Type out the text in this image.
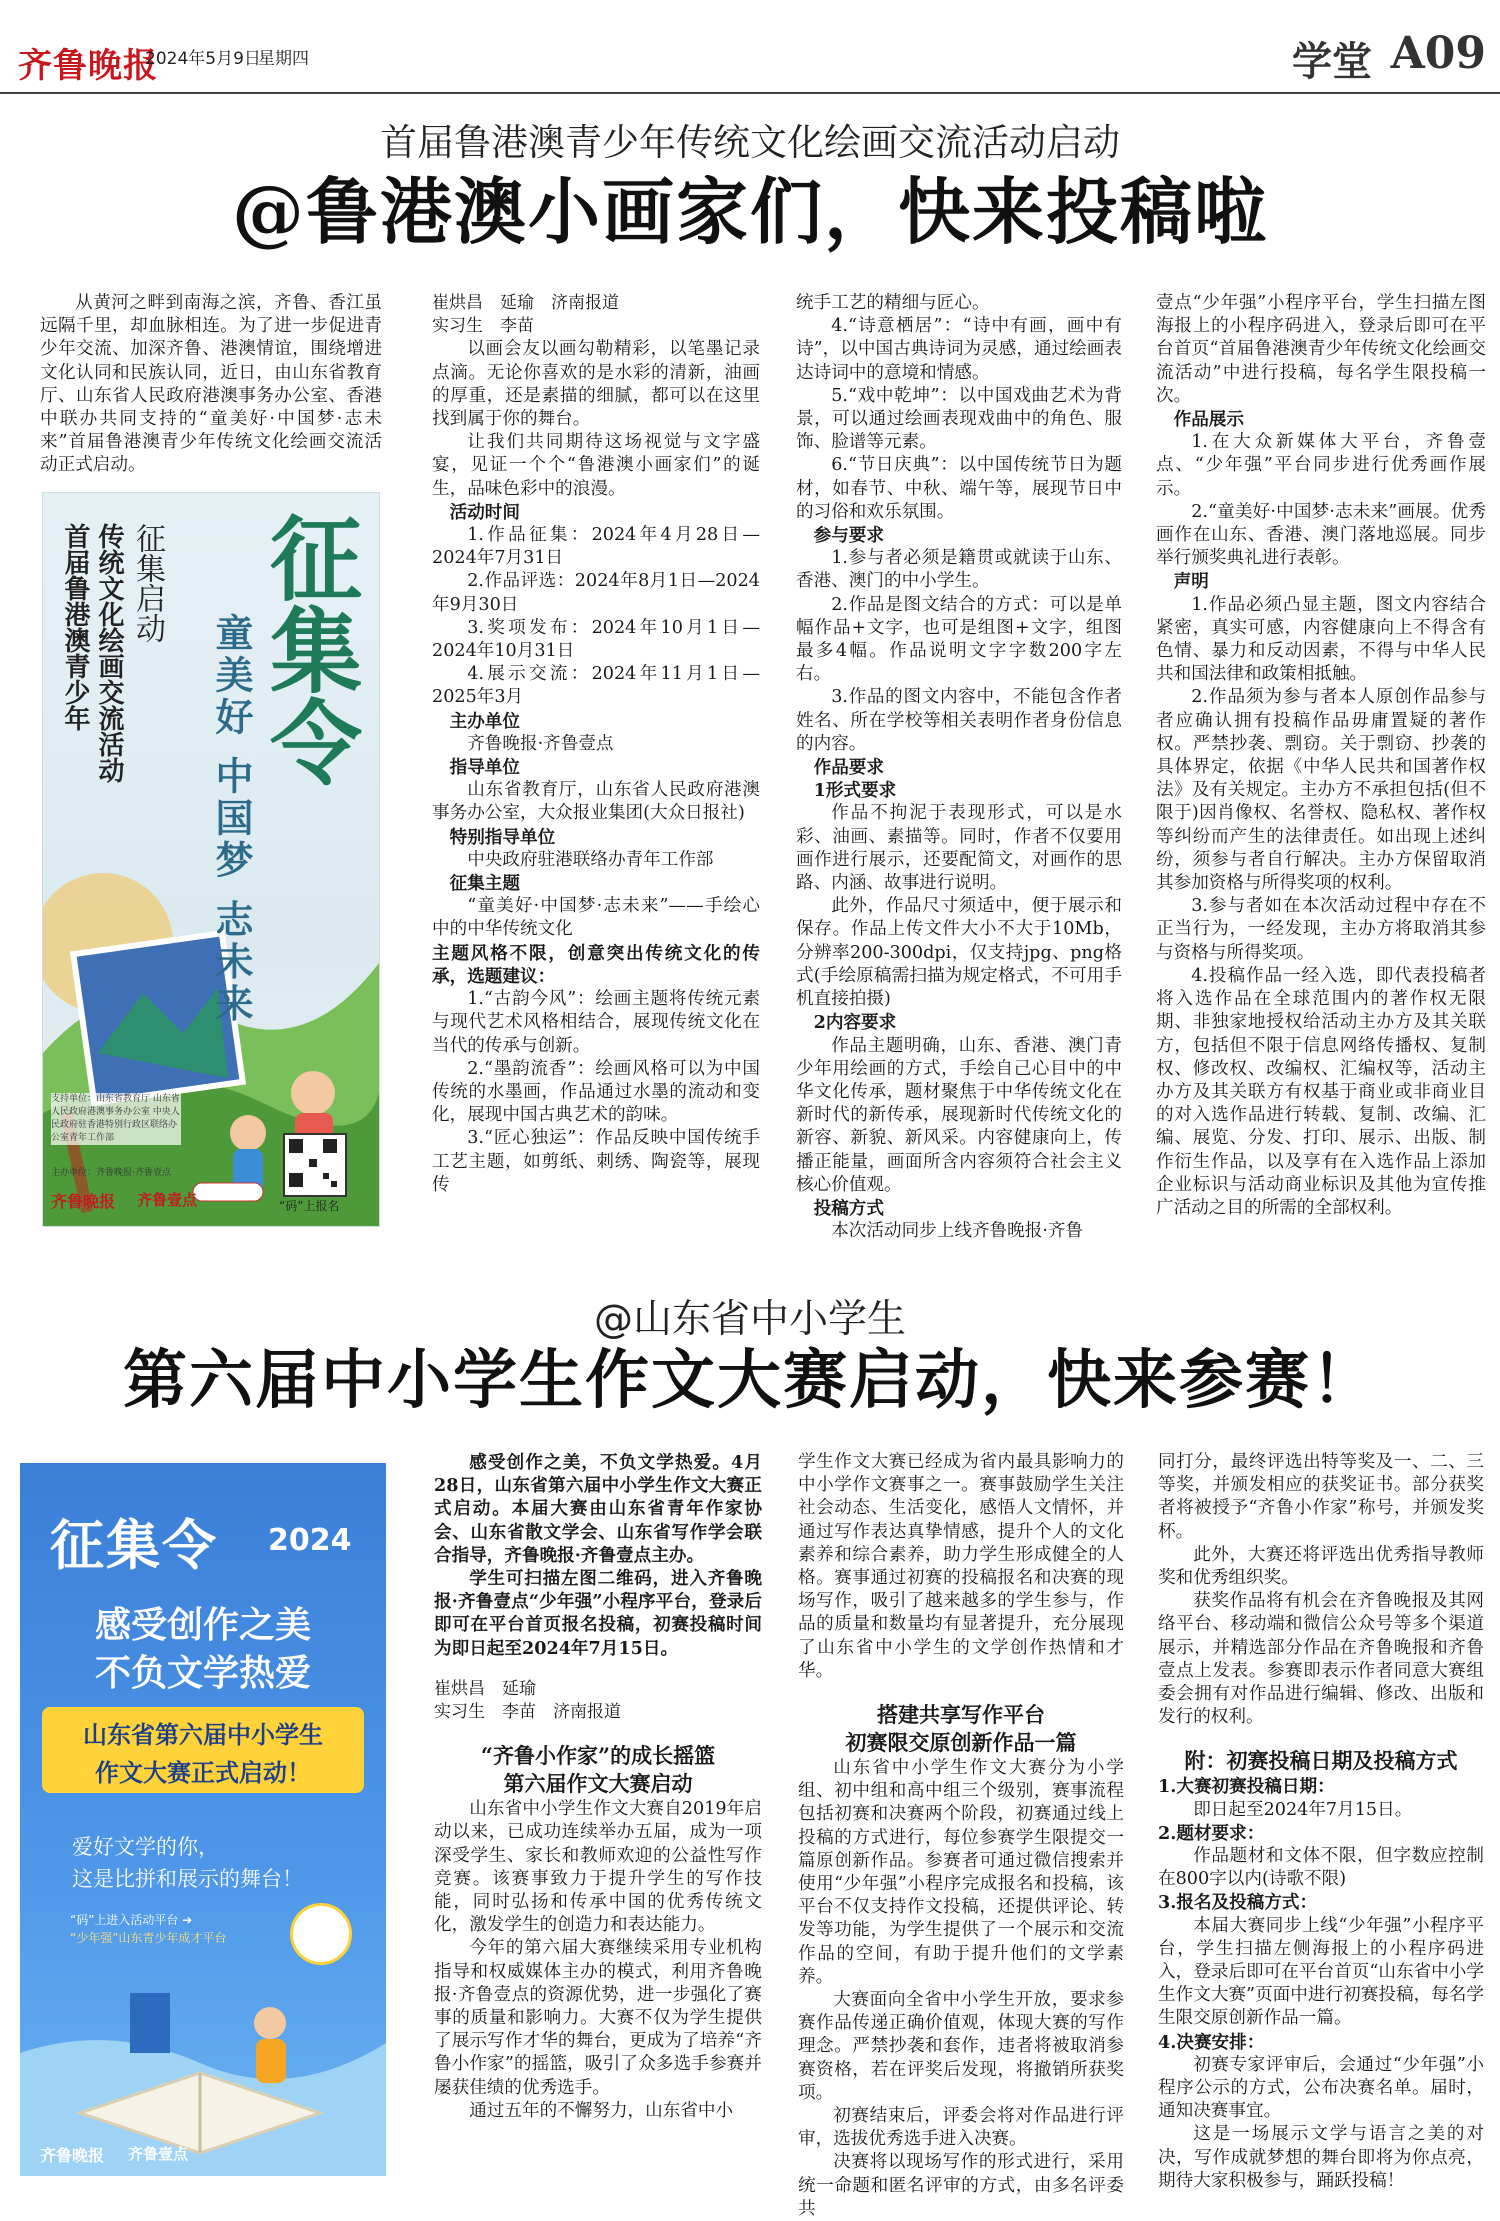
齐鲁晚报
2024年5月9日
星期四	学堂 A09
首届鲁港澳青少年传统文化绘画交流活动启动
@鲁港澳小画家们，快来投稿啦

从黄河之畔到南海之滨，齐鲁、香江虽远隔千里，却血脉相连。为了进一步促进青少年交流、加深齐鲁、港澳情谊，围绕增进文化认同和民族认同，近日，由山东省教育厅、山东省人民政府港澳事务办公室、香港中联办共同支持的“童美好·中国梦·志未来”首届鲁港澳青少年传统文化绘画交流活动正式启动。

征集令
童美好 中国梦 志未来
征集启动
传统文化绘画交流活动
首届鲁港澳青少年
支持单位：山东省教育厅 山东省人民政府港澳事务办公室 中央人民政府驻香港特别行政区联络办公室青年工作部
主办单位：齐鲁晚报·齐鲁壹点
齐鲁晚报 齐鲁壹点	“码”上报名

崔烘昌　延瑜　济南报道

实习生　李苗

以画会友以画勾勒精彩，以笔墨记录点滴。无论你喜欢的是水彩的清新，油画的厚重，还是素描的细腻，都可以在这里找到属于你的舞台。

让我们共同期待这场视觉与文字盛宴，见证一个个“鲁港澳小画家们”的诞生，品味色彩中的浪漫。

活动时间

1.作品征集：2024年4月28日—2024年7月31日

2.作品评选：2024年8月1日—2024年9月30日

3.奖项发布：2024年10月1日—2024年10月31日

4.展示交流：2024年11月1日—2025年3月

主办单位

齐鲁晚报·齐鲁壹点

指导单位

山东省教育厅，山东省人民政府港澳事务办公室，大众报业集团(大众日报社)

特别指导单位

中央政府驻港联络办青年工作部

征集主题

“童美好·中国梦·志未来”——手绘心中的中华传统文化

主题风格不限，创意突出传统文化的传承，选题建议：

1.“古韵今风”：绘画主题将传统元素与现代艺术风格相结合，展现传统文化在当代的传承与创新。

2.“墨韵流香”：绘画风格可以为中国传统的水墨画，作品通过水墨的流动和变化，展现中国古典艺术的韵味。

3.“匠心独运”：作品反映中国传统手工艺主题，如剪纸、刺绣、陶瓷等，展现传

统手工艺的精细与匠心。

4.“诗意栖居”：“诗中有画，画中有诗”，以中国古典诗词为灵感，通过绘画表达诗词中的意境和情感。

5.“戏中乾坤”：以中国戏曲艺术为背景，可以通过绘画表现戏曲中的角色、服饰、脸谱等元素。

6.“节日庆典”：以中国传统节日为题材，如春节、中秋、端午等，展现节日中的习俗和欢乐氛围。

参与要求

1.参与者必须是籍贯或就读于山东、香港、澳门的中小学生。

2.作品是图文结合的方式：可以是单幅作品+文字，也可是组图+文字，组图最多4幅。作品说明文字字数200字左右。

3.作品的图文内容中，不能包含作者姓名、所在学校等相关表明作者身份信息的内容。

作品要求

1形式要求

作品不拘泥于表现形式，可以是水彩、油画、素描等。同时，作者不仅要用画作进行展示，还要配简文，对画作的思路、内涵、故事进行说明。

此外，作品尺寸须适中，便于展示和保存。作品上传文件大小不大于10Mb，分辨率200-300dpi，仅支持jpg、png格式(手绘原稿需扫描为规定格式，不可用手机直接拍摄)

2内容要求

作品主题明确，山东、香港、澳门青少年用绘画的方式，手绘自己心目中的中华文化传承，题材聚焦于中华传统文化在新时代的新传承，展现新时代传统文化的新容、新貌、新风采。内容健康向上，传播正能量，画面所含内容须符合社会主义核心价值观。

投稿方式

本次活动同步上线齐鲁晚报·齐鲁

壹点“少年强”小程序平台，学生扫描左图海报上的小程序码进入，登录后即可在平台首页“首届鲁港澳青少年传统文化绘画交流活动”中进行投稿，每名学生限投稿一次。

作品展示

1.在大众新媒体大平台，齐鲁壹点、“少年强”平台同步进行优秀画作展示。

2.“童美好·中国梦·志未来”画展。优秀画作在山东、香港、澳门落地巡展。同步举行颁奖典礼进行表彰。

声明

1.作品必须凸显主题，图文内容结合紧密，真实可感，内容健康向上不得含有色情、暴力和反动因素，不得与中华人民共和国法律和政策相抵触。

2.作品须为参与者本人原创作品参与者应确认拥有投稿作品毋庸置疑的著作权。严禁抄袭、剽窃。关于剽窃、抄袭的具体界定，依据《中华人民共和国著作权法》及有关规定。主办方不承担包括(但不限于)因肖像权、名誉权、隐私权、著作权等纠纷而产生的法律责任。如出现上述纠纷，须参与者自行解决。主办方保留取消其参加资格与所得奖项的权利。

3.参与者如在本次活动过程中存在不正当行为，一经发现，主办方将取消其参与资格与所得奖项。

4.投稿作品一经入选，即代表投稿者将入选作品在全球范围内的著作权无限期、非独家地授权给活动主办方及其关联方，包括但不限于信息网络传播权、复制权、修改权、改编权、汇编权等，活动主办方及其关联方有权基于商业或非商业目的对入选作品进行转载、复制、改编、汇编、展览、分发、打印、展示、出版、制作衍生作品，以及享有在入选作品上添加企业标识与活动商业标识及其他为宣传推广活动之目的所需的全部权利。

@山东省中小学生
第六届中小学生作文大赛启动，快来参赛！
征集令 2024
感受创作之美
不负文学热爱
山东省第六届中小学生
作文大赛正式启动！
爱好文学的你，
这是比拼和展示的舞台！
“码”上进入活动平台 ➜
“少年强”山东青少年成才平台
齐鲁晚报 齐鲁壹点

感受创作之美，不负文学热爱。4月28日，山东省第六届中小学生作文大赛正式启动。本届大赛由山东省青年作家协会、山东省散文学会、山东省写作学会联合指导，齐鲁晚报·齐鲁壹点主办。

学生可扫描左图二维码，进入齐鲁晚报·齐鲁壹点“少年强”小程序平台，登录后即可在平台首页报名投稿，初赛投稿时间为即日起至2024年7月15日。

崔烘昌　延瑜

实习生　李苗　济南报道

“齐鲁小作家”的成长摇篮

第六届作文大赛启动

山东省中小学生作文大赛自2019年启动以来，已成功连续举办五届，成为一项深受学生、家长和教师欢迎的公益性写作竞赛。该赛事致力于提升学生的写作技能，同时弘扬和传承中国的优秀传统文化，激发学生的创造力和表达能力。

今年的第六届大赛继续采用专业机构指导和权威媒体主办的模式，利用齐鲁晚报·齐鲁壹点的资源优势，进一步强化了赛事的质量和影响力。大赛不仅为学生提供了展示写作才华的舞台，更成为了培养“齐鲁小作家”的摇篮，吸引了众多选手参赛并屡获佳绩的优秀选手。

通过五年的不懈努力，山东省中小

学生作文大赛已经成为省内最具影响力的中小学作文赛事之一。赛事鼓励学生关注社会动态、生活变化，感悟人文情怀，并通过写作表达真挚情感，提升个人的文化素养和综合素养，助力学生形成健全的人格。赛事通过初赛的投稿报名和决赛的现场写作，吸引了越来越多的学生参与，作品的质量和数量均有显著提升，充分展现了山东省中小学生的文学创作热情和才华。

搭建共享写作平台

初赛限交原创新作品一篇

山东省中小学生作文大赛分为小学组、初中组和高中组三个级别，赛事流程包括初赛和决赛两个阶段，初赛通过线上投稿的方式进行，每位参赛学生限提交一篇原创新作品。参赛者可通过微信搜索并使用“少年强”小程序完成报名和投稿，该平台不仅支持作文投稿，还提供评论、转发等功能，为学生提供了一个展示和交流作品的空间，有助于提升他们的文学素养。

大赛面向全省中小学生开放，要求参赛作品传递正确价值观，体现大赛的写作理念。严禁抄袭和套作，违者将被取消参赛资格，若在评奖后发现，将撤销所获奖项。

初赛结束后，评委会将对作品进行评审，选拔优秀选手进入决赛。

决赛将以现场写作的形式进行，采用统一命题和匿名评审的方式，由多名评委共

同打分，最终评选出特等奖及一、二、三等奖，并颁发相应的获奖证书。部分获奖者将被授予“齐鲁小作家”称号，并颁发奖杯。

此外，大赛还将评选出优秀指导教师奖和优秀组织奖。

获奖作品将有机会在齐鲁晚报及其网络平台、移动端和微信公众号等多个渠道展示，并精选部分作品在齐鲁晚报和齐鲁壹点上发表。参赛即表示作者同意大赛组委会拥有对作品进行编辑、修改、出版和发行的权利。

附：初赛投稿日期及投稿方式

1.大赛初赛投稿日期：

即日起至2024年7月15日。

2.题材要求：

作品题材和文体不限，但字数应控制在800字以内(诗歌不限)

3.报名及投稿方式：

本届大赛同步上线“少年强”小程序平台，学生扫描左侧海报上的小程序码进入，登录后即可在平台首页“山东省中小学生作文大赛”页面中进行初赛投稿，每名学生限交原创新作品一篇。

4.决赛安排：

初赛专家评审后，会通过“少年强”小程序公示的方式，公布决赛名单。届时，通知决赛事宜。

这是一场展示文学与语言之美的对决，写作成就梦想的舞台即将为你点亮，期待大家积极参与，踊跃投稿！
